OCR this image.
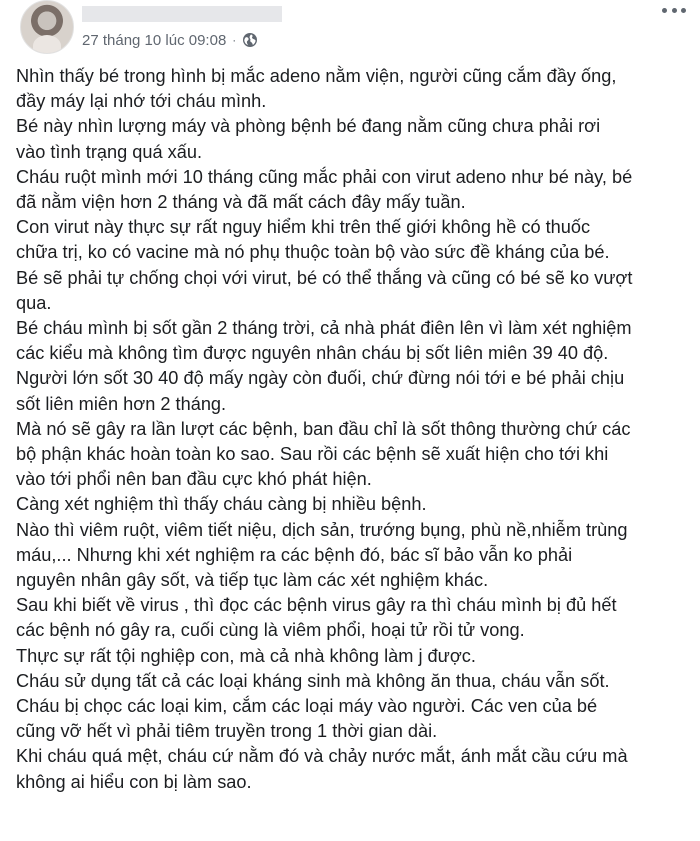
27 tháng 10 lúc 09:08 ·

Nhìn thấy bé trong hình bị mắc adeno nằm viện, người cũng cắm đầy ống,

đầy máy lại nhớ tới cháu mình.

Bé này nhìn lượng máy và phòng bệnh bé đang nằm cũng chưa phải rơi

vào tình trạng quá xấu.

Cháu ruột mình mới 10 tháng cũng mắc phải con virut adeno như bé này, bé

đã nằm viện hơn 2 tháng và đã mất cách đây mấy tuần.

Con virut này thực sự rất nguy hiểm khi trên thế giới không hề có thuốc

chữa trị, ko có vacine mà nó phụ thuộc toàn bộ vào sức đề kháng của bé.

Bé sẽ phải tự chống chọi với virut, bé có thể thắng và cũng có bé sẽ ko vượt

qua.

Bé cháu mình bị sốt gần 2 tháng trời, cả nhà phát điên lên vì làm xét nghiệm

các kiểu mà không tìm được nguyên nhân cháu bị sốt liên miên 39 40 độ.

Người lớn sốt 30 40 độ mấy ngày còn đuối, chứ đừng nói tới e bé phải chịu

sốt liên miên hơn 2 tháng.

Mà nó sẽ gây ra lần lượt các bệnh, ban đầu chỉ là sốt thông thường chứ các

bộ phận khác hoàn toàn ko sao. Sau rồi các bệnh sẽ xuất hiện cho tới khi

vào tới phổi nên ban đầu cực khó phát hiện.

Càng xét nghiệm thì thấy cháu càng bị nhiều bệnh.

Nào thì viêm ruột, viêm tiết niệu, dịch sản, trướng bụng, phù nề,nhiễm trùng

máu,... Nhưng khi xét nghiệm ra các bệnh đó, bác sĩ bảo vẫn ko phải

nguyên nhân gây sốt, và tiếp tục làm các xét nghiệm khác.

Sau khi biết về virus , thì đọc các bệnh virus gây ra thì cháu mình bị đủ hết

các bệnh nó gây ra, cuối cùng là viêm phổi, hoại tử rồi tử vong.

Thực sự rất tội nghiệp con, mà cả nhà không làm j được.

Cháu sử dụng tất cả các loại kháng sinh mà không ăn thua, cháu vẫn sốt.

Cháu bị chọc các loại kim, cắm các loại máy vào người. Các ven của bé

cũng vỡ hết vì phải tiêm truyền trong 1 thời gian dài.

Khi cháu quá mệt, cháu cứ nằm đó và chảy nước mắt, ánh mắt cầu cứu mà

không ai hiểu con bị làm sao.
